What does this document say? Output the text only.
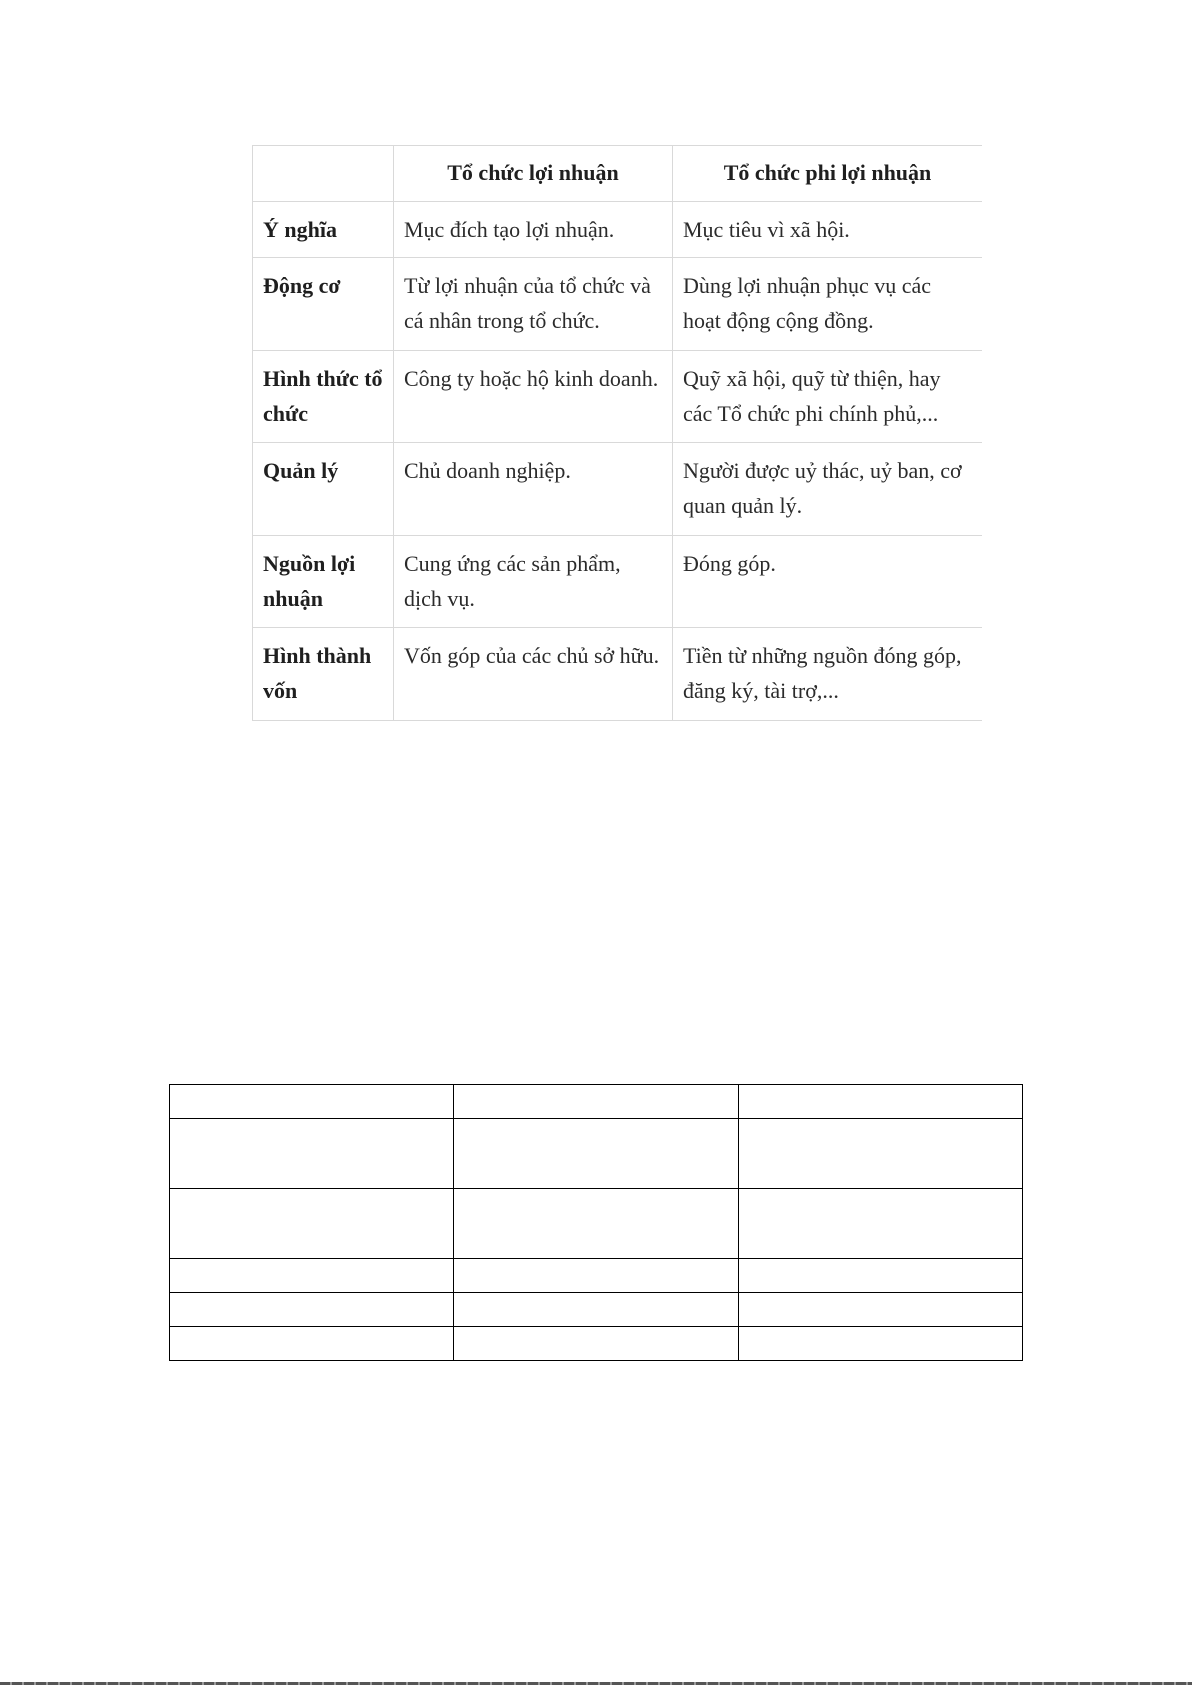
	Tổ chức lợi nhuận	Tổ chức phi lợi nhuận
Ý nghĩa	Mục đích tạo lợi nhuận.	Mục tiêu vì xã hội.
Động cơ	Từ lợi nhuận của tổ chức và cá nhân trong tổ chức.	Dùng lợi nhuận phục vụ các hoạt động cộng đồng.
Hình thức tổ chức	Công ty hoặc hộ kinh doanh.	Quỹ xã hội, quỹ từ thiện, hay các Tổ chức phi chính phủ,...
Quản lý	Chủ doanh nghiệp.	Người được uỷ thác, uỷ ban, cơ quan quản lý.
Nguồn lợi nhuận	Cung ứng các sản phẩm, dịch vụ.	Đóng góp.
Hình thành vốn	Vốn góp của các chủ sở hữu.	Tiền từ những nguồn đóng góp, đăng ký, tài trợ,...
